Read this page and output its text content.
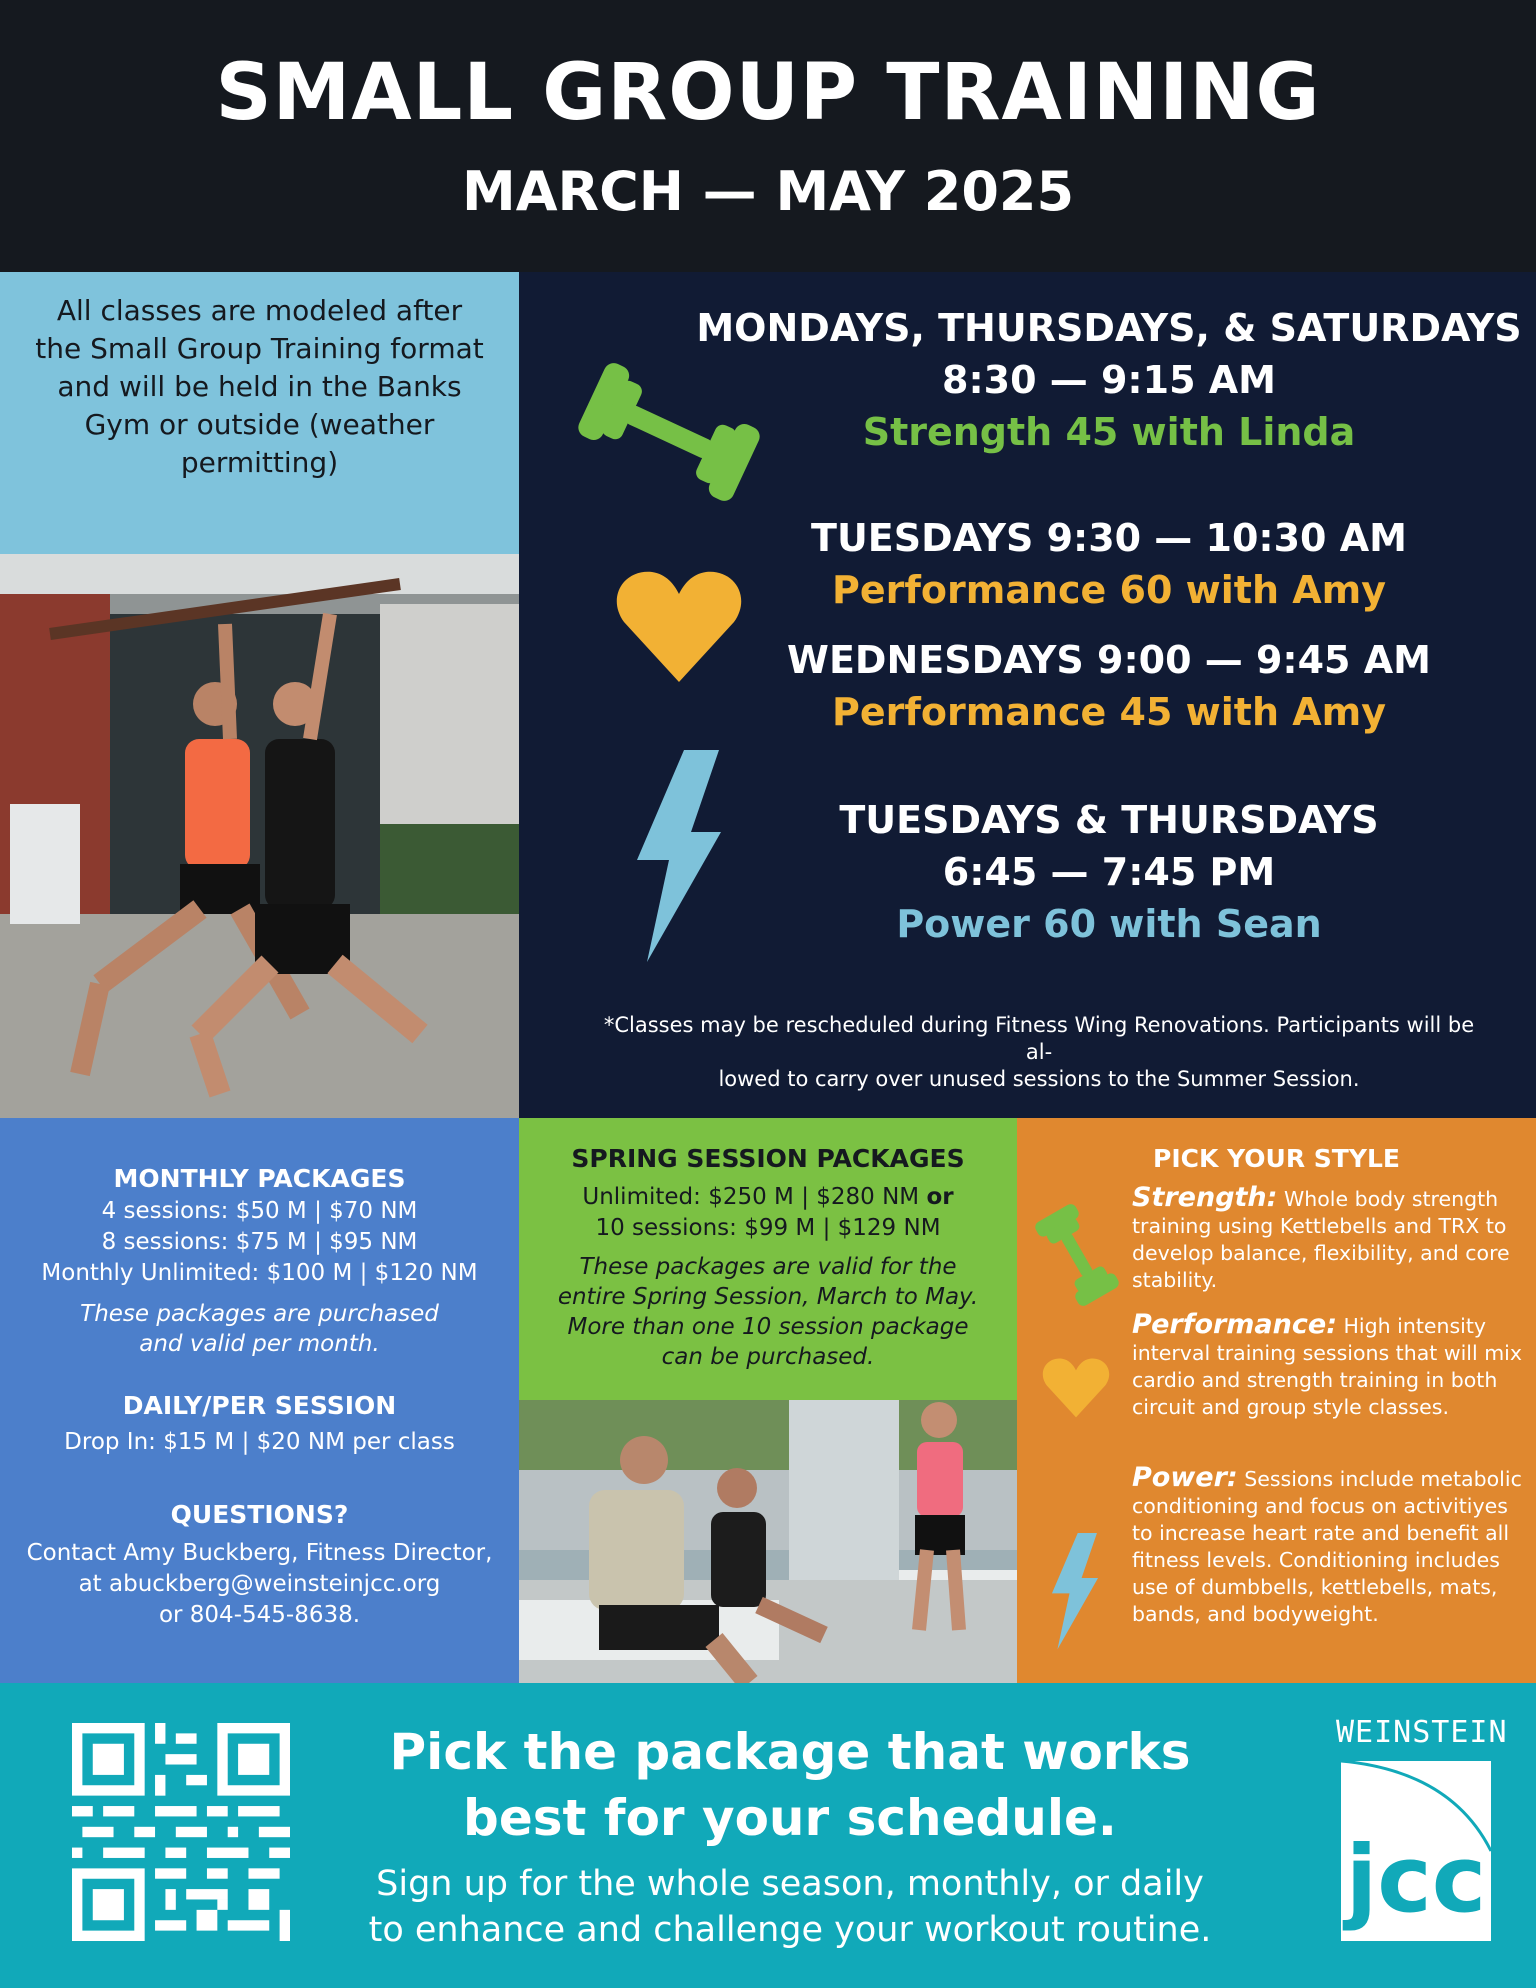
SMALL GROUP TRAINING
MARCH — MAY 2025
All classes are modeled after the Small Group Training format and will be held in the Banks Gym or outside (weather permitting)
MONDAYS, THURSDAYS, & SATURDAYS
8:30 — 9:15 AM
Strength 45 with Linda
TUESDAYS 9:30 — 10:30 AM
Performance 60 with Amy
WEDNESDAYS 9:00 — 9:45 AM
Performance 45 with Amy
TUESDAYS & THURSDAYS
6:45 — 7:45 PM
Power 60 with Sean
*Classes may be rescheduled during Fitness Wing Renovations. Participants will be al-
lowed to carry over unused sessions to the Summer Session.
MONTHLY PACKAGES
4 sessions: $50 M | $70 NM
8 sessions: $75 M | $95 NM
Monthly Unlimited: $100 M | $120 NM
These packages are purchased
and valid per month.
DAILY/PER SESSION
Drop In: $15 M | $20 NM per class
QUESTIONS?
Contact Amy Buckberg, Fitness Director,
at abuckberg@weinsteinjcc.org
or 804-545-8638.
SPRING SESSION PACKAGES
Unlimited: $250 M | $280 NM or
10 sessions: $99 M | $129 NM
These packages are valid for the
entire Spring Session, March to May.
More than one 10 session package
can be purchased.
PICK YOUR STYLE
Strength: Whole body strength training using Kettlebells and TRX to develop balance, flexibility, and core stability.
Performance: High intensity interval training sessions that will mix cardio and strength training in both circuit and group style classes.
Power: Sessions include metabolic conditioning and focus on activitiyes to increase heart rate and benefit all fitness levels. Conditioning includes use of dumbbells, kettlebells, mats, bands, and bodyweight.
Pick the package that works
best for your schedule.
Sign up for the whole season, monthly, or daily
to enhance and challenge your workout routine.
WEINSTEIN
jcc
